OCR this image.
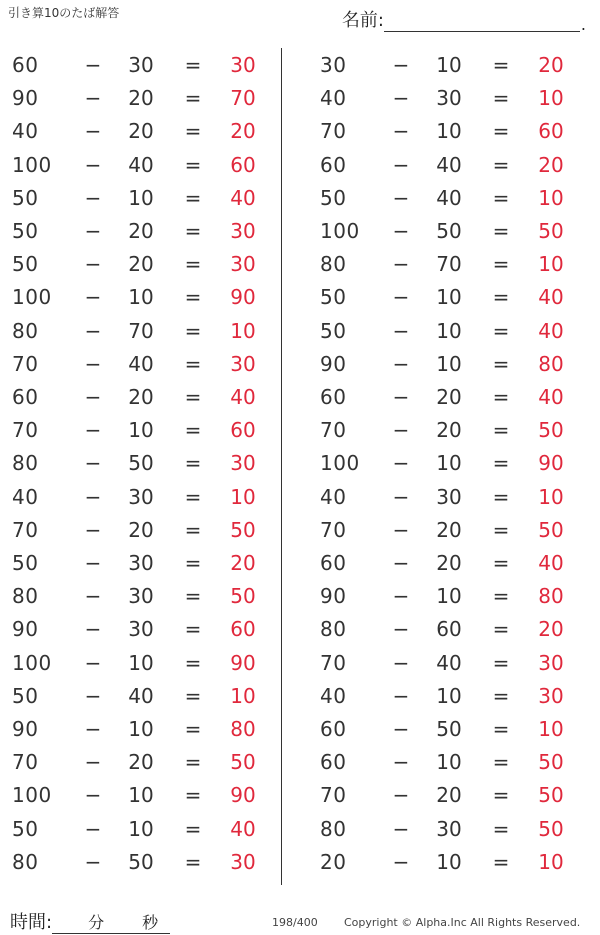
引き算10のたば解答	名前:.
60	−	30	=	30
90	−	20	=	70
40	−	20	=	20
100	−	40	=	60
50	−	10	=	40
50	−	20	=	30
50	−	20	=	30
100	−	10	=	90
80	−	70	=	10
70	−	40	=	30
60	−	20	=	40
70	−	10	=	60
80	−	50	=	30
40	−	30	=	10
70	−	20	=	50
50	−	30	=	20
80	−	30	=	50
90	−	30	=	60
100	−	10	=	90
50	−	40	=	10
90	−	10	=	80
70	−	20	=	50
100	−	10	=	90
50	−	10	=	40
80	−	50	=	30
30	−	10	=	20
40	−	30	=	10
70	−	10	=	60
60	−	40	=	20
50	−	40	=	10
100	−	50	=	50
80	−	70	=	10
50	−	10	=	40
50	−	10	=	40
90	−	10	=	80
60	−	20	=	40
70	−	20	=	50
100	−	10	=	90
40	−	30	=	10
70	−	20	=	50
60	−	20	=	40
90	−	10	=	80
80	−	60	=	20
70	−	40	=	30
40	−	10	=	30
60	−	50	=	10
60	−	10	=	50
70	−	20	=	50
80	−	30	=	50
20	−	10	=	10
時間: 分 秒	198/400 Copyright © Alpha.Inc All Rights Reserved.
